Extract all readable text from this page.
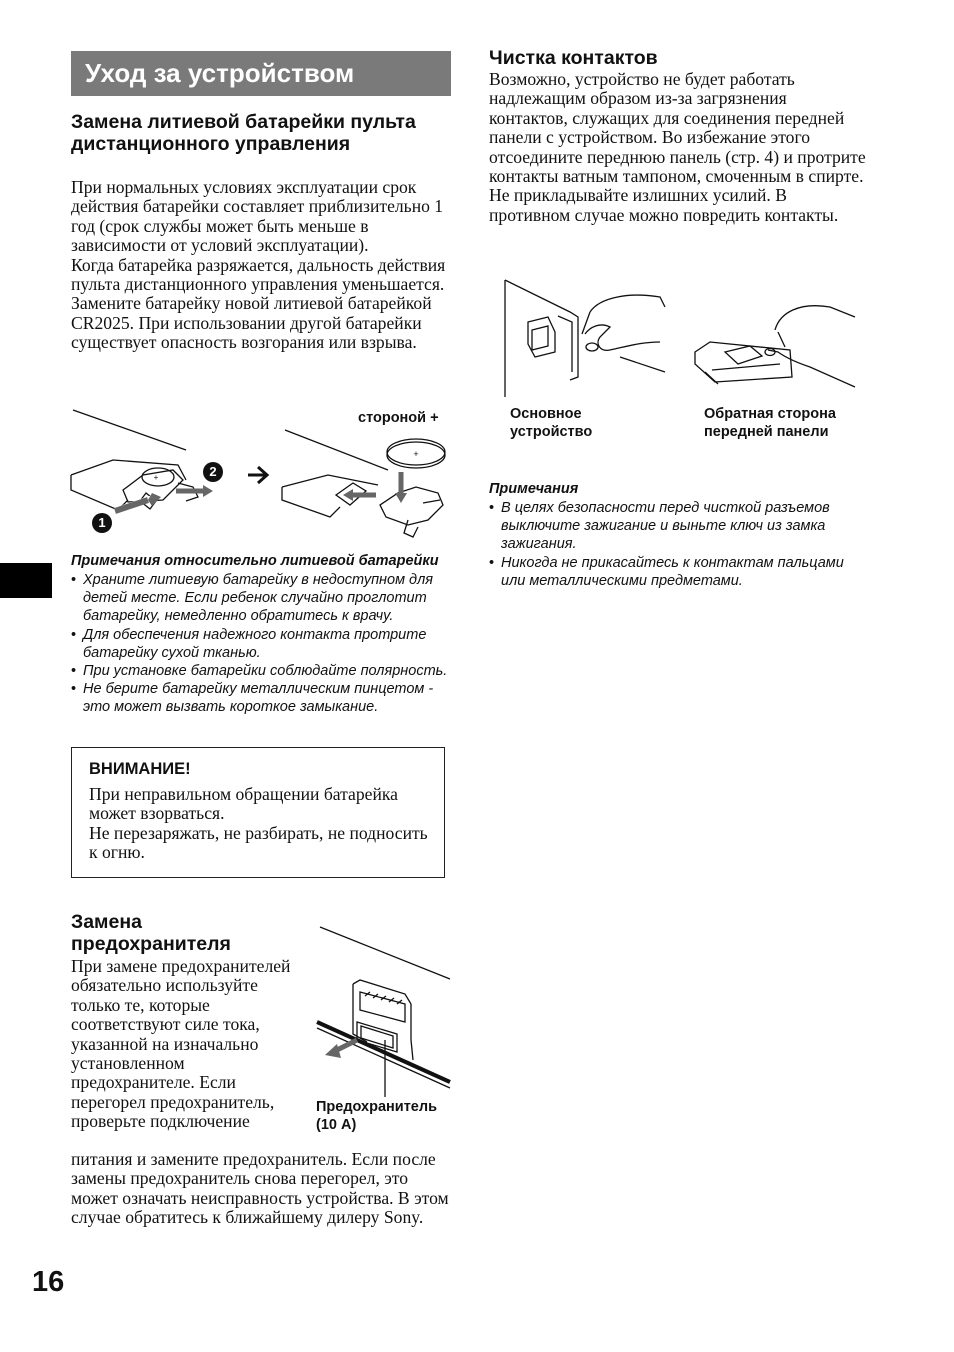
Уход за устройством
Замена литиевой батарейки пульта дистанционного управления
При нормальных условиях эксплуатации срок действия батарейки составляет приблизительно 1 год (срок службы может быть меньше в зависимости от условий эксплуатации).
Когда батарейка разряжается, дальность действия пульта дистанционного управления уменьшается. Замените батарейку новой литиевой батарейкой CR2025. При использовании другой батарейки существует опасность возгорания или взрыва.
+
+
стороной +
2
1
Примечания относительно литиевой батарейки
• Храните литиевую батарейку в недоступном для детей месте. Если ребенок случайно проглотит батарейку, немедленно обратитесь к врачу.
• Для обеспечения надежного контакта протрите батарейку сухой тканью.
• При установке батарейки соблюдайте полярность.
• Не берите батарейку металлическим пинцетом - это может вызвать короткое замыкание.
ВНИМАНИЕ!
При неправильном обращении батарейка может взорваться.
Не перезаряжать, не разбирать, не подносить к огню.
Замена предохранителя
При замене предохранителей обязательно используйте только те, которые соответствуют силе тока, указанной на изначально установленном предохранителе. Если перегорел предохранитель, проверьте подключение
питания и замените предохранитель. Если после замены предохранитель снова перегорел, это может означать неисправность устройства. В этом случае обратитесь к ближайшему дилеру Sony.
Предохранитель
(10 A)
Чистка контактов
Возможно, устройство не будет работать надлежащим образом из-за загрязнения контактов, служащих для соединения передней панели с устройством. Во избежание этого отсоедините переднюю панель (стр. 4) и протрите контакты ватным тампоном, смоченным в спирте. Не прикладывайте излишних усилий. В противном случае можно повредить контакты.
Основное
устройство
Обратная сторона
передней панели
Примечания
• В целях безопасности перед чисткой разъемов выключите зажигание и выньте ключ из замка зажигания.
• Никогда не прикасайтесь к контактам пальцами или металлическими предметами.
16
